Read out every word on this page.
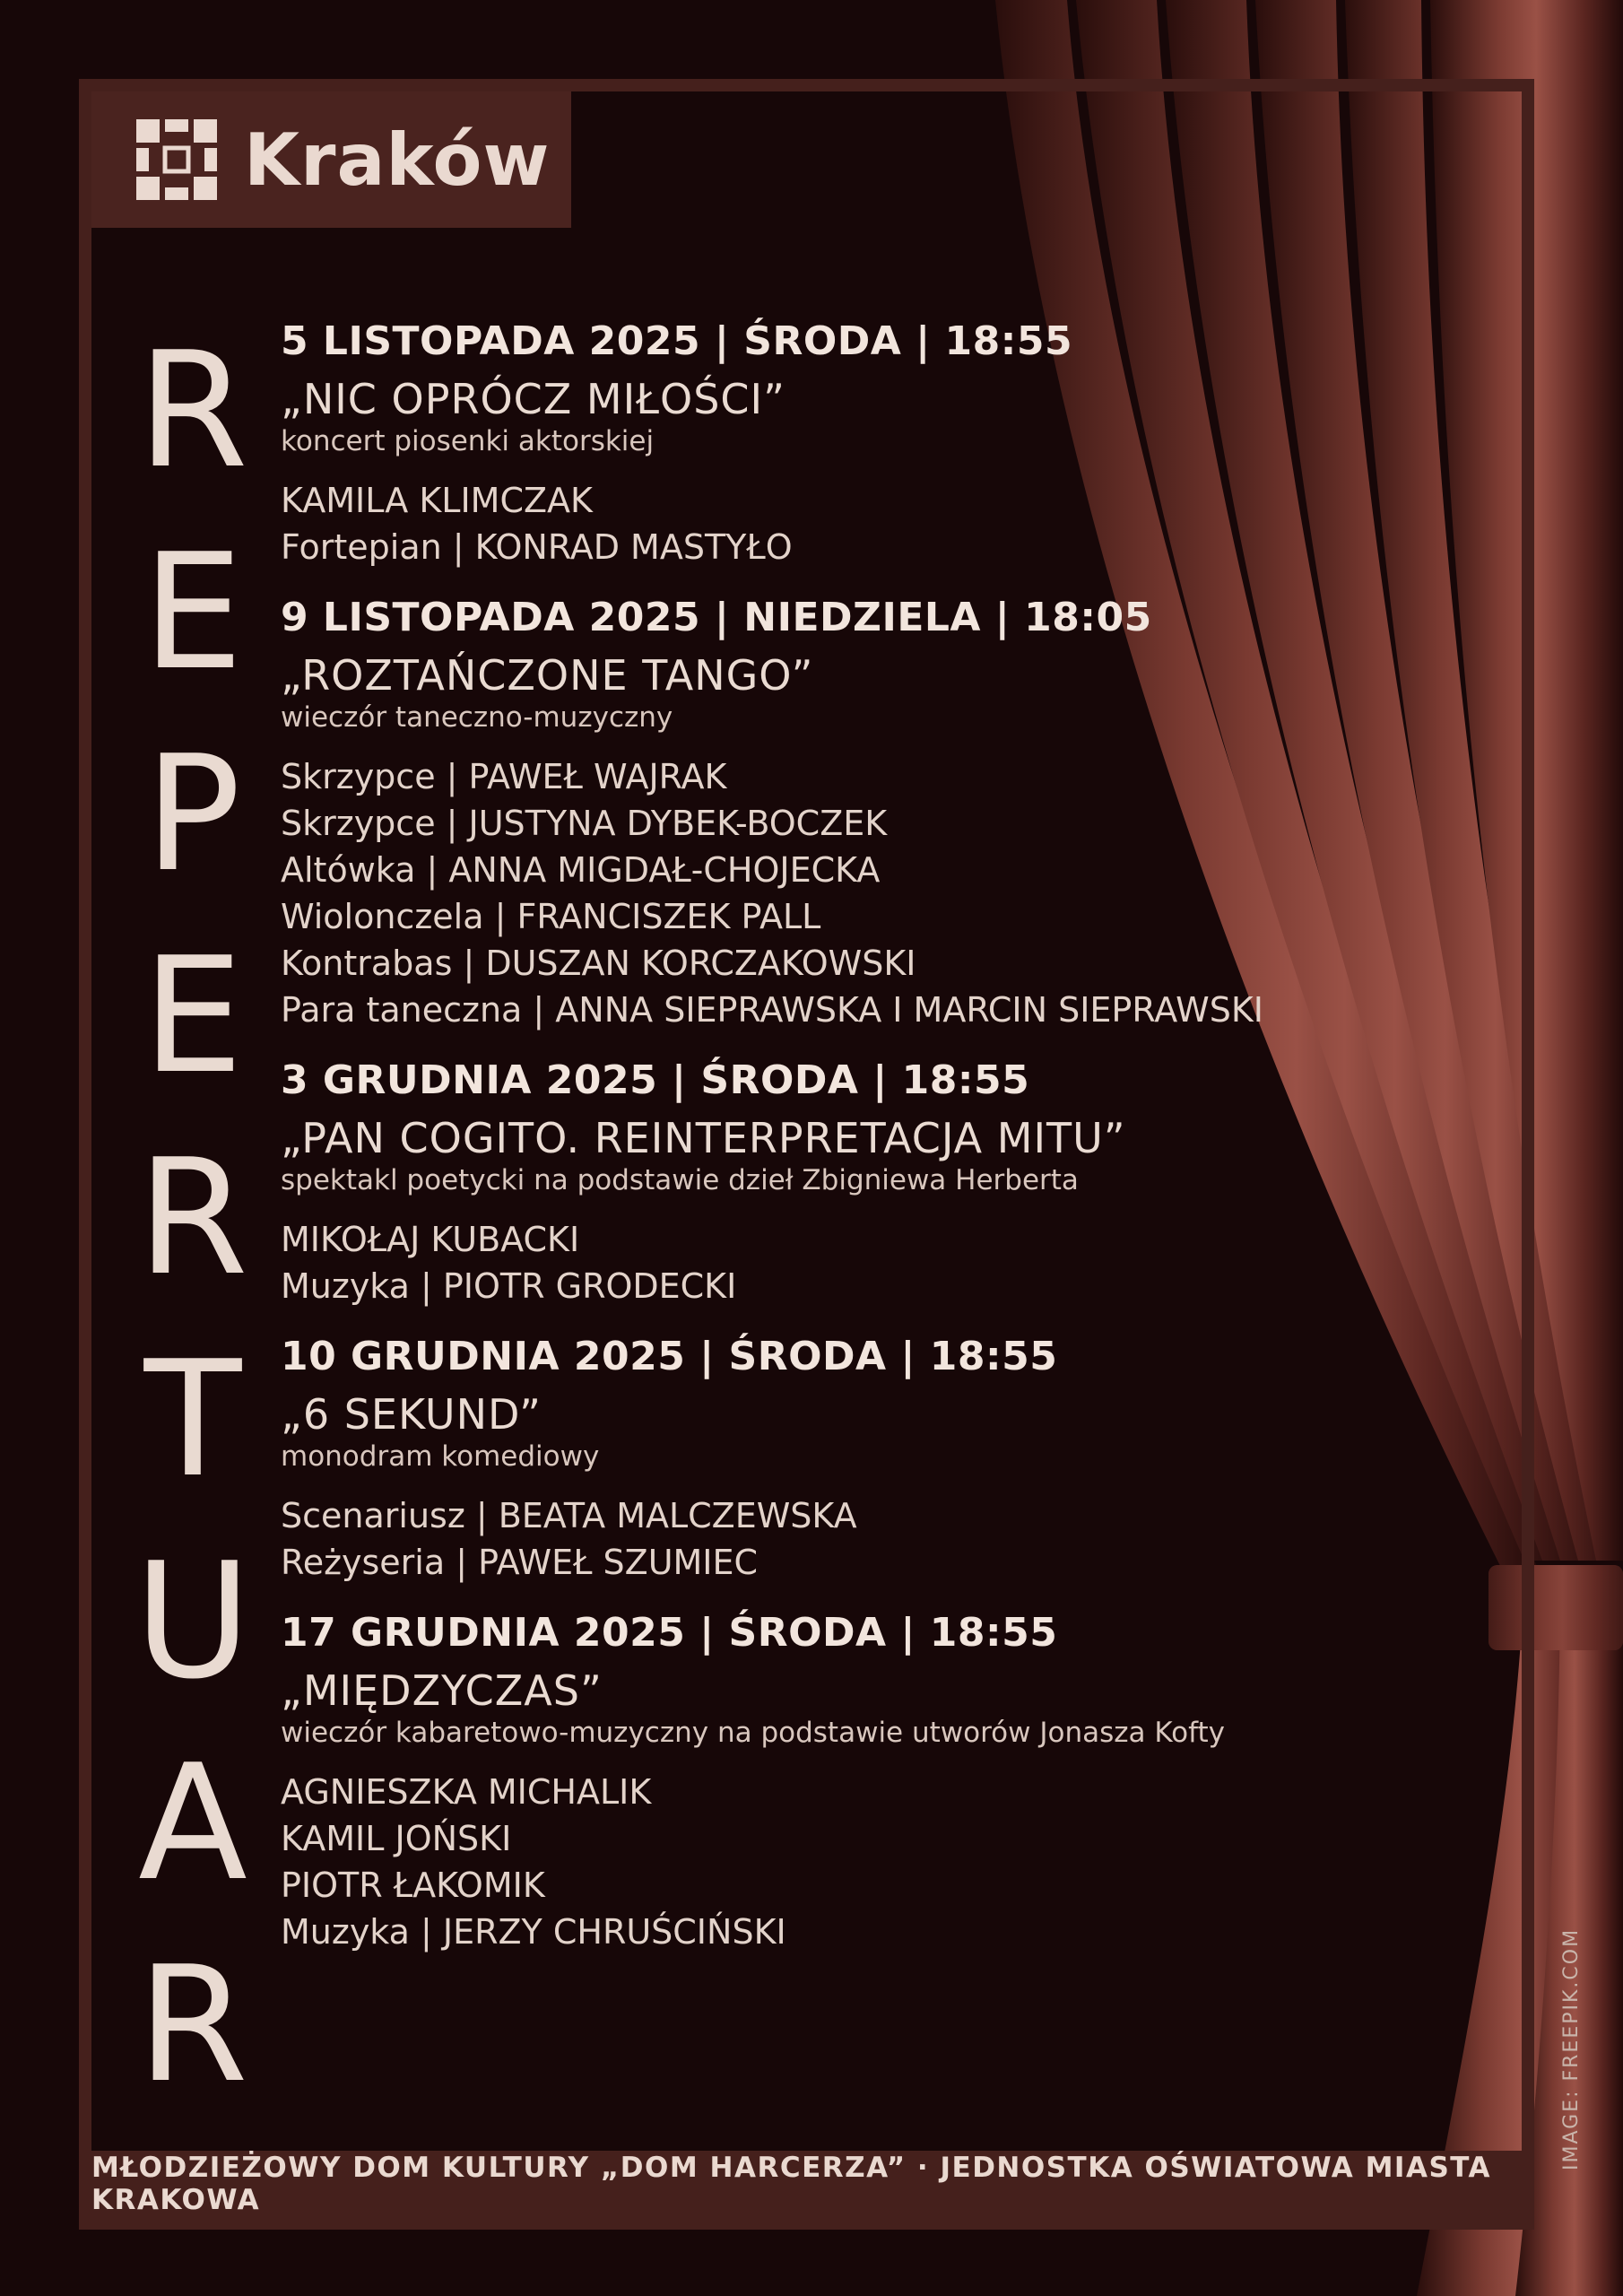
Kraków
R
E
P
E
R
T
U
A
R
5 LISTOPADA 2025 | ŚRODA | 18:55
„NIC OPRÓCZ MIŁOŚCI”
koncert piosenki aktorskiej
KAMILA KLIMCZAK
Fortepian | KONRAD MASTYŁO
9 LISTOPADA 2025 | NIEDZIELA | 18:05
„ROZTAŃCZONE TANGO”
wieczór taneczno-muzyczny
Skrzypce | PAWEŁ WAJRAK
Skrzypce | JUSTYNA DYBEK-BOCZEK
Altówka | ANNA MIGDAŁ-CHOJECKA
Wiolonczela | FRANCISZEK PALL
Kontrabas | DUSZAN KORCZAKOWSKI
Para taneczna | ANNA SIEPRAWSKA I MARCIN SIEPRAWSKI
3 GRUDNIA 2025 | ŚRODA | 18:55
„PAN COGITO. REINTERPRETACJA MITU”
spektakl poetycki na podstawie dzieł Zbigniewa Herberta
MIKOŁAJ KUBACKI
Muzyka | PIOTR GRODECKI
10 GRUDNIA 2025 | ŚRODA | 18:55
„6 SEKUND”
monodram komediowy
Scenariusz | BEATA MALCZEWSKA
Reżyseria | PAWEŁ SZUMIEC
17 GRUDNIA 2025 | ŚRODA | 18:55
„MIĘDZYCZAS”
wieczór kabaretowo-muzyczny na podstawie utworów Jonasza Kofty
AGNIESZKA MICHALIK
KAMIL JOŃSKI
PIOTR ŁAKOMIK
Muzyka | JERZY CHRUŚCIŃSKI
MŁODZIEŻOWY DOM KULTURY „DOM HARCERZA” · JEDNOSTKA OŚWIATOWA MIASTA KRAKOWA
IMAGE: FREEPIK.COM
